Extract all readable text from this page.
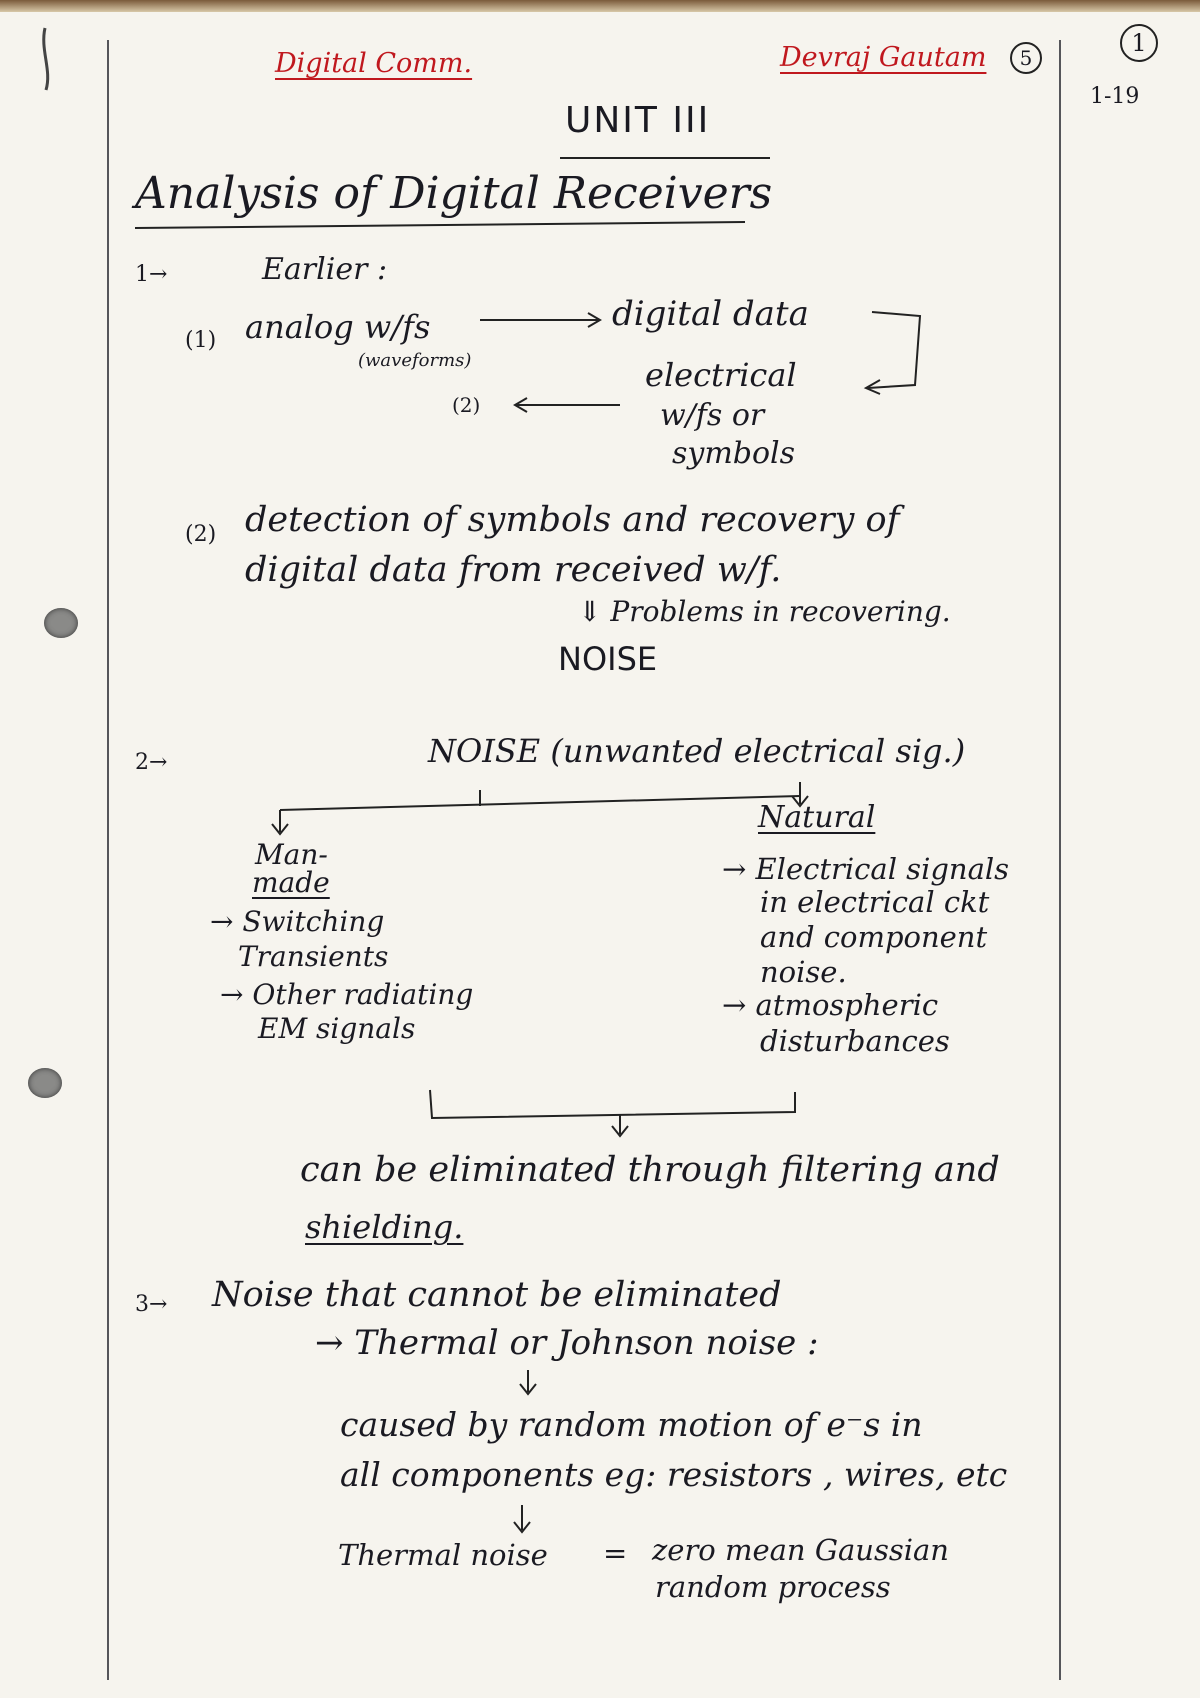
Digital Comm.	Devraj Gautam	5
1
1-19
UNIT III
Analysis of Digital Receivers
1→	Earlier :
(1) analog w/fs
(waveforms)
digital data
(2)
electrical
w/fs or
symbols
(2) detection of symbols and recovery of
digital data from received w/f.
⇓ Problems in recovering.
NOISE
2→	NOISE (unwanted electrical sig.)
Man-
made
→ Switching
Transients
→ Other radiating
EM signals
Natural
→ Electrical signals
in electrical ckt
and component
noise.
→ atmospheric
disturbances
can be eliminated through filtering and
shielding.
3→ Noise that cannot be eliminated
→ Thermal or Johnson noise :
caused by random motion of e⁻s in
all components eg: resistors , wires, etc
Thermal noise = zero mean Gaussian
random process
